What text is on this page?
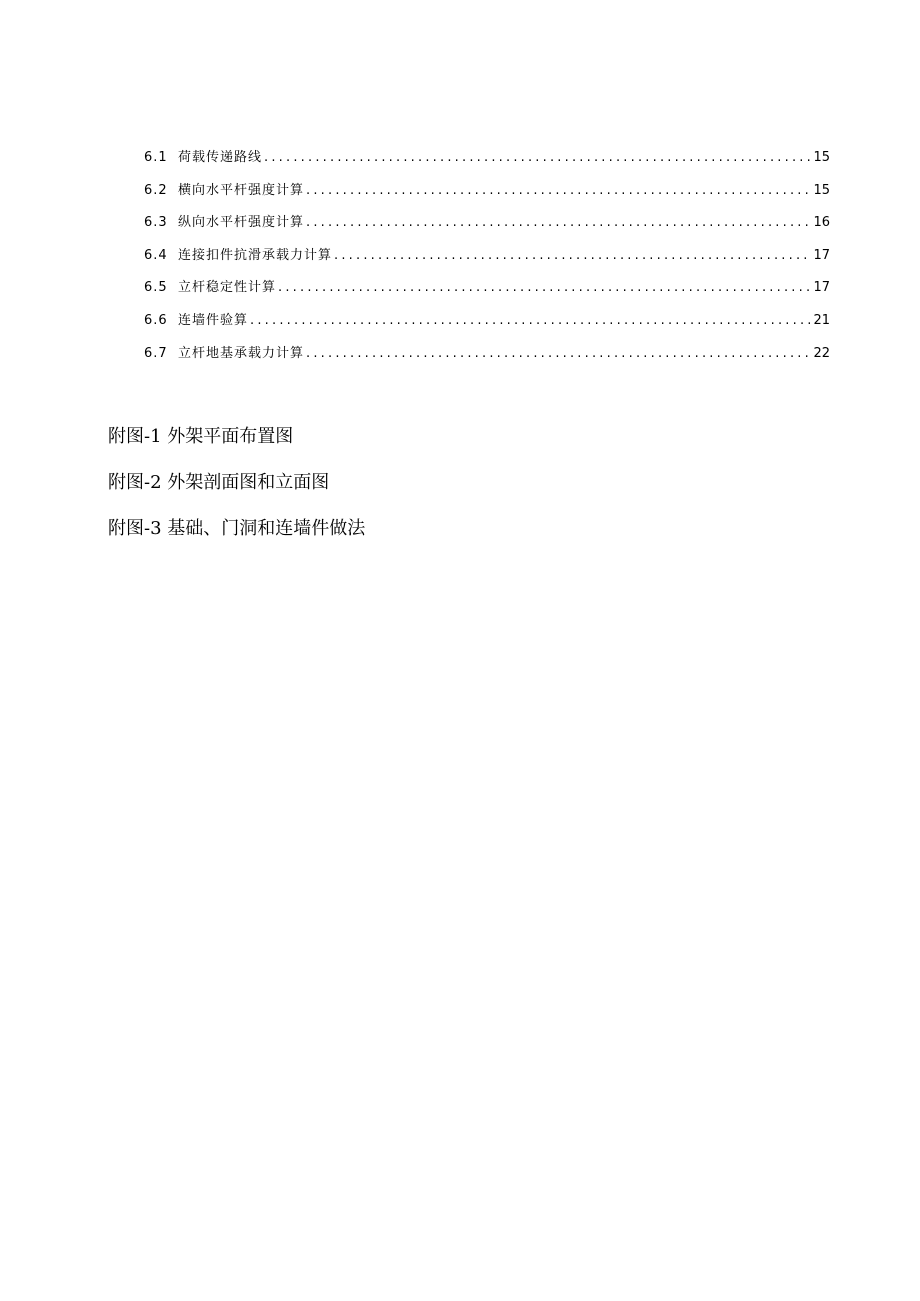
6.1 荷载传递路线 .....	15
6.2 横向水平杆强度计算 .....	15
6.3 纵向水平杆强度计算 .....	16
6.4 连接扣件抗滑承载力计算 .....	17
6.5 立杆稳定性计算 .....	17
6.6 连墙件验算 .....	21
6.7 立杆地基承载力计算 .....	22
附图-1 外架平面布置图
附图-2 外架剖面图和立面图
附图-3 基础、门洞和连墙件做法
